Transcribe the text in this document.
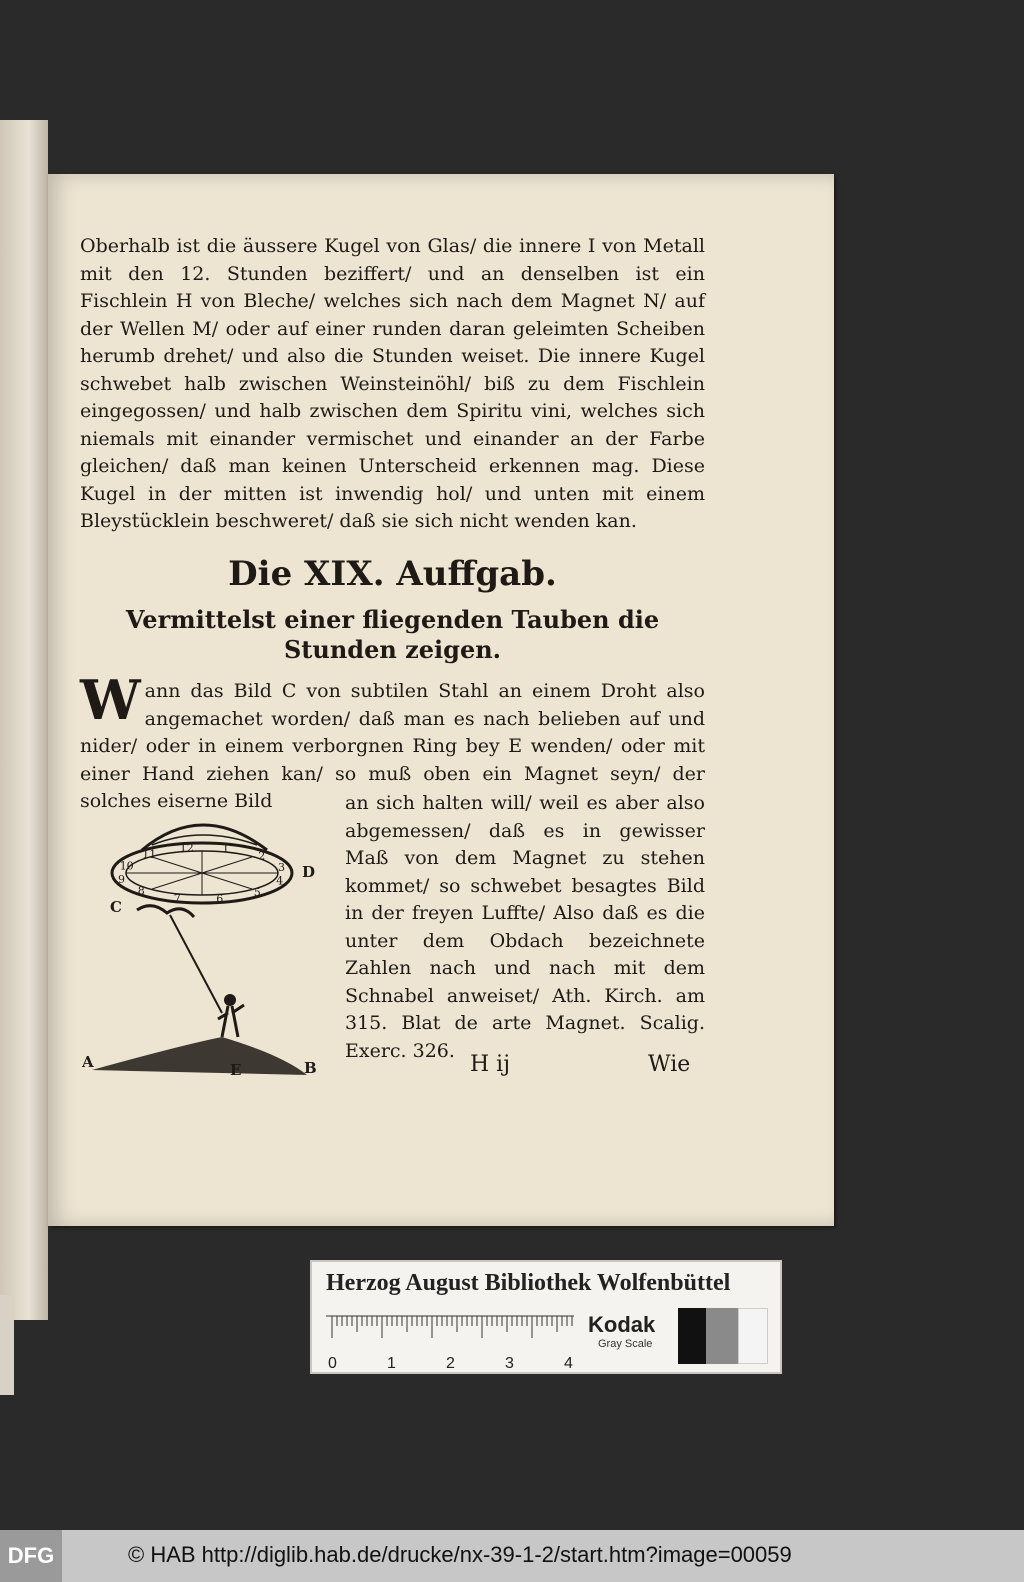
Oberhalb ist die äussere Kugel von Glas/ die innere I von Metall mit den 12. Stunden beziffert/ und an denselben ist ein Fischlein H von Bleche/ welches sich nach dem Magnet N/ auf der Wellen M/ oder auf einer runden daran geleimten Scheiben herumb drehet/ und also die Stunden weiset. Die innere Kugel schwebet halb zwischen Weinsteinöhl/ biß zu dem Fischlein eingegossen/ und halb zwischen dem Spiritu vini, welches sich niemals mit einander vermischet und einander an der Farbe gleichen/ daß man keinen Unterscheid erkennen mag. Diese Kugel in der mitten ist inwendig hol/ und unten mit einem Bleystücklein beschweret/ daß sie sich nicht wenden kan.

Die XIX. Auffgab.
Vermittelst einer fliegenden Tauben die Stunden zeigen.

W ann das Bild C von subtilen Stahl an einem Droht also angemachet worden/ daß man es nach belieben auf und nider/ oder in einem verborgnen Ring bey E wenden/ oder mit einer Hand ziehen kan/ so muß oben ein Magnet seyn/ der solches eiserne Bild	an sich halten will/ weil es aber also abgemessen/ daß es in gewisser Maß von dem Magnet zu stehen kommet/ so schwebet besagtes Bild in der freyen Luffte/ Also daß es die unter dem Obdach bezeichnete Zahlen nach und nach mit dem Schnabel anweiset/ Ath. Kirch. am 315. Blat de arte Magnet. Scalig. Exerc. 326.

10
11 12	1
2
3
4
5
6
7
8
9
A	B
C
D
E	H ij	Wie
Herzog August Bibliothek Wolfenbüttel
0	1	2	3	4
Kodak
Gray Scale
DFG	© HAB http://diglib.hab.de/drucke/nx-39-1-2/start.htm?image=00059
